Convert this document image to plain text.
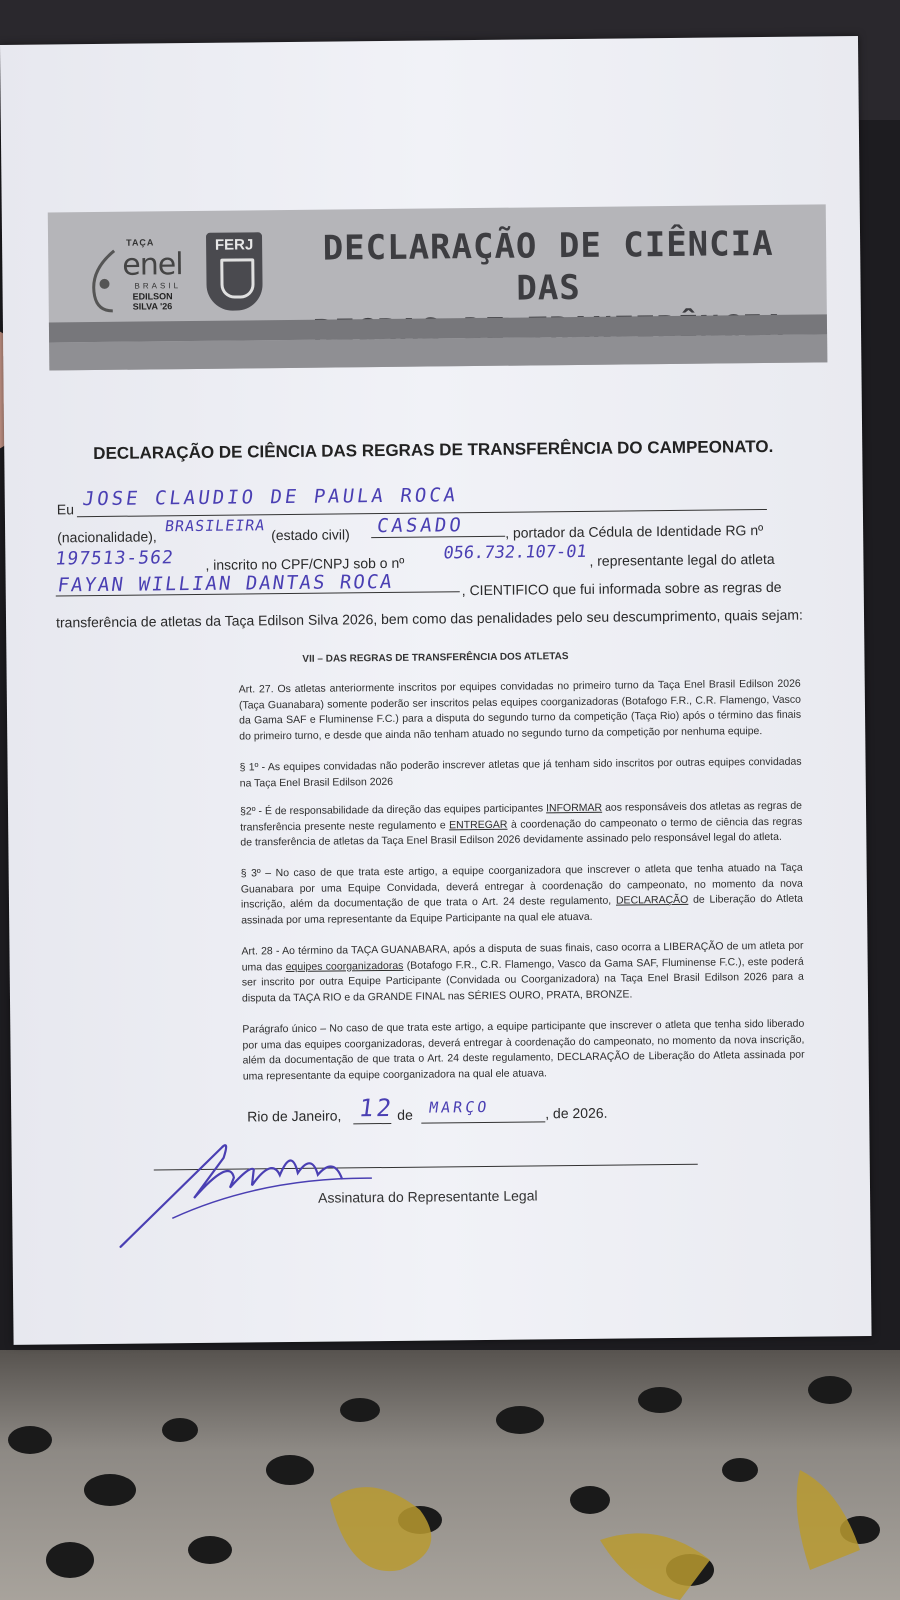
TAÇA
enel
BRASIL
EDILSON
SILVA '26
FERJ	DECLARAÇÃO DE CIÊNCIA DAS
DECLARAÇÃO DE CIÊNCIA DAS REGRAS DE TRANSFERÊNCIA DO CAMPEONATO.
Eu JOSE CLAUDIO DE PAULA ROCA
(nacionalidade),
BRASILEIRA (estado civil) CASADO	, portador da Cédula de Identidade RG nº
197513-562 , inscrito no CPF/CNPJ sob o nº
056.732.107-01 , representante legal do atleta
FAYAN WILLIAN DANTAS ROCA	, CIENTIFICO que fui informada sobre as regras de
transferência de atletas da Taça Edilson Silva 2026, bem como das penalidades pelo seu descumprimento, quais sejam:
VII – DAS REGRAS DE TRANSFERÊNCIA DOS ATLETAS
Art. 27. Os atletas anteriormente inscritos por equipes convidadas no primeiro turno da Taça Enel Brasil Edilson 2026 (Taça Guanabara) somente poderão ser inscritos pelas equipes coorganizadoras (Botafogo F.R., C.R. Flamengo, Vasco da Gama SAF e Fluminense F.C.) para a disputa do segundo turno da competição (Taça Rio) após o término das finais do primeiro turno, e desde que ainda não tenham atuado no segundo turno da competição por nenhuma equipe.
§ 1º - As equipes convidadas não poderão inscrever atletas que já tenham sido inscritos por outras equipes convidadas na Taça Enel Brasil Edilson 2026
§2º - É de responsabilidade da direção das equipes participantes INFORMAR aos responsáveis dos atletas as regras de transferência presente neste regulamento e ENTREGAR à coordenação do campeonato o termo de ciência das regras de transferência de atletas da Taça Enel Brasil Edilson 2026 devidamente assinado pelo responsável legal do atleta.
§ 3º – No caso de que trata este artigo, a equipe coorganizadora que inscrever o atleta que tenha atuado na Taça Guanabara por uma Equipe Convidada, deverá entregar à coordenação do campeonato, no momento da nova inscrição, além da documentação de que trata o Art. 24 deste regulamento, DECLARAÇÃO de Liberação do Atleta assinada por uma representante da Equipe Participante na qual ele atuava.
Art. 28 - Ao término da TAÇA GUANABARA, após a disputa de suas finais, caso ocorra a LIBERAÇÃO de um atleta por uma das equipes coorganizadoras (Botafogo F.R., C.R. Flamengo, Vasco da Gama SAF, Fluminense F.C.), este poderá ser inscrito por outra Equipe Participante (Convidada ou Coorganizadora) na Taça Enel Brasil Edilson 2026 para a disputa da TAÇA RIO e da GRANDE FINAL nas SÉRIES OURO, PRATA, BRONZE.
Parágrafo único – No caso de que trata este artigo, a equipe participante que inscrever o atleta que tenha sido liberado por uma das equipes coorganizadoras, deverá entregar à coordenação do campeonato, no momento da nova inscrição, além da documentação de que trata o Art. 24 deste regulamento, DECLARAÇÃO de Liberação do Atleta assinada por uma representante da equipe coorganizadora na qual ele atuava.
Rio de Janeiro, 12 de MARÇO	, de 2026.
Assinatura do Representante Legal
